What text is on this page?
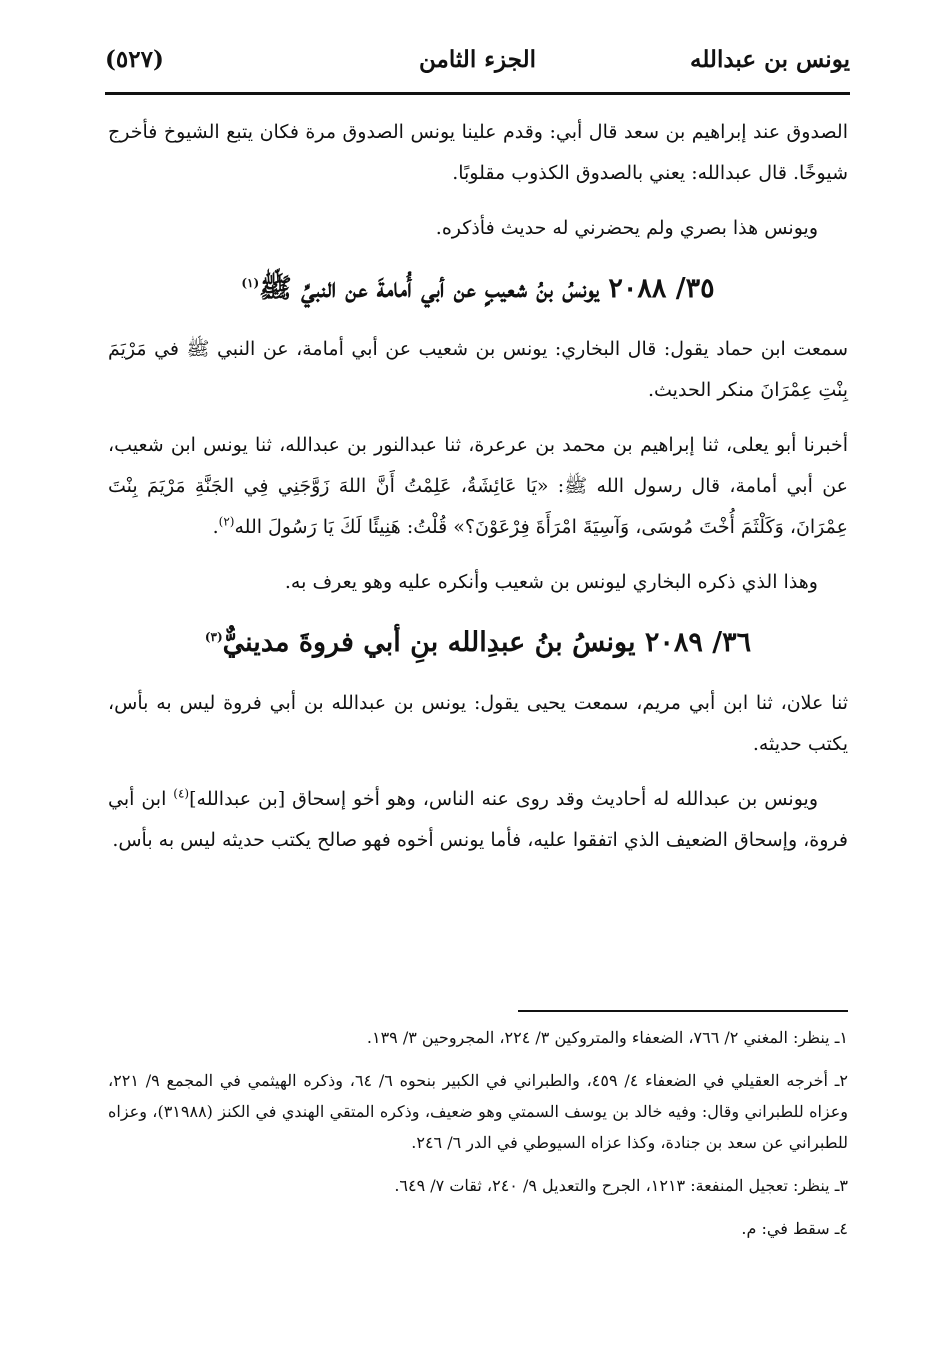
يونس بن عبدالله
الجزء الثامن
(٥٢٧)

الصدوق عند إبراهيم بن سعد قال أبي: وقدم علينا يونس الصدوق مرة فكان يتبع الشيوخ فأخرج شيوخًا. قال عبدالله: يعني بالصدوق الكذوب مقلوبًا.

ويونس هذا بصري ولم يحضرني له حديث فأذكره.

٣٥/ ٢٠٨٨ يونسُ بنُ شعيبٍ عن أبي أُمامةَ عن النبيِّ ﷺ$^{(١)}$

سمعت ابن حماد يقول: قال البخاري: يونس بن شعيب عن أبي أمامة، عن النبي ﷺ في مَرْيَمَ بِنْتِ عِمْرَانَ منكر الحديث.

أخبرنا أبو يعلى، ثنا إبراهيم بن محمد بن عرعرة، ثنا عبدالنور بن عبدالله، ثنا يونس ابن شعيب، عن أبي أمامة، قال رسول الله ﷺ: «يَا عَائِشَةُ، عَلِمْتُ أَنَّ اللهَ زَوَّجَنِي فِي الجَنَّةِ مَرْيَمَ بِنْتَ عِمْرَانَ، وَكَلْثَمَ أُخْتَ مُوسَى، وَآسِيَةَ امْرَأَةَ فِرْعَوْنَ؟» قُلْتُ: هَنِيئًا لَكَ يَا رَسُولَ الله$^{(٢)}$.

وهذا الذي ذكره البخاري ليونس بن شعيب وأنكره عليه وهو يعرف به.

٣٦/ ٢٠٨٩ يونسُ بنُ عبدِالله بنِ أبي فروةَ مدينيٌّ$^{(٣)}$

ثنا علان، ثنا ابن أبي مريم، سمعت يحيى يقول: يونس بن عبدالله بن أبي فروة ليس به بأس، يكتب حديثه.

ويونس بن عبدالله له أحاديث وقد روى عنه الناس، وهو أخو إسحاق [بن عبدالله]$^{(٤)}$ ابن أبي فروة، وإسحاق الضعيف الذي اتفقوا عليه، فأما يونس أخوه فهو صالح يكتب حديثه ليس به بأس.

١ـ ينظر: المغني ٢/ ٧٦٦، الضعفاء والمتروكين ٣/ ٢٢٤، المجروحين ٣/ ١٣٩.

٢ـ أخرجه العقيلي في الضعفاء ٤/ ٤٥٩، والطبراني في الكبير بنحوه ٦/ ٦٤، وذكره الهيثمي في المجمع ٩/ ٢٢١، وعزاه للطبراني وقال: وفيه خالد بن يوسف السمتي وهو ضعيف، وذكره المتقي الهندي في الكنز (٣١٩٨٨)، وعزاه للطبراني عن سعد بن جنادة، وكذا عزاه السيوطي في الدر ٦/ ٢٤٦.

٣ـ ينظر: تعجيل المنفعة: ١٢١٣، الجرح والتعديل ٩/ ٢٤٠، ثقات ٧/ ٦٤٩.

٤ـ سقط في: م.
